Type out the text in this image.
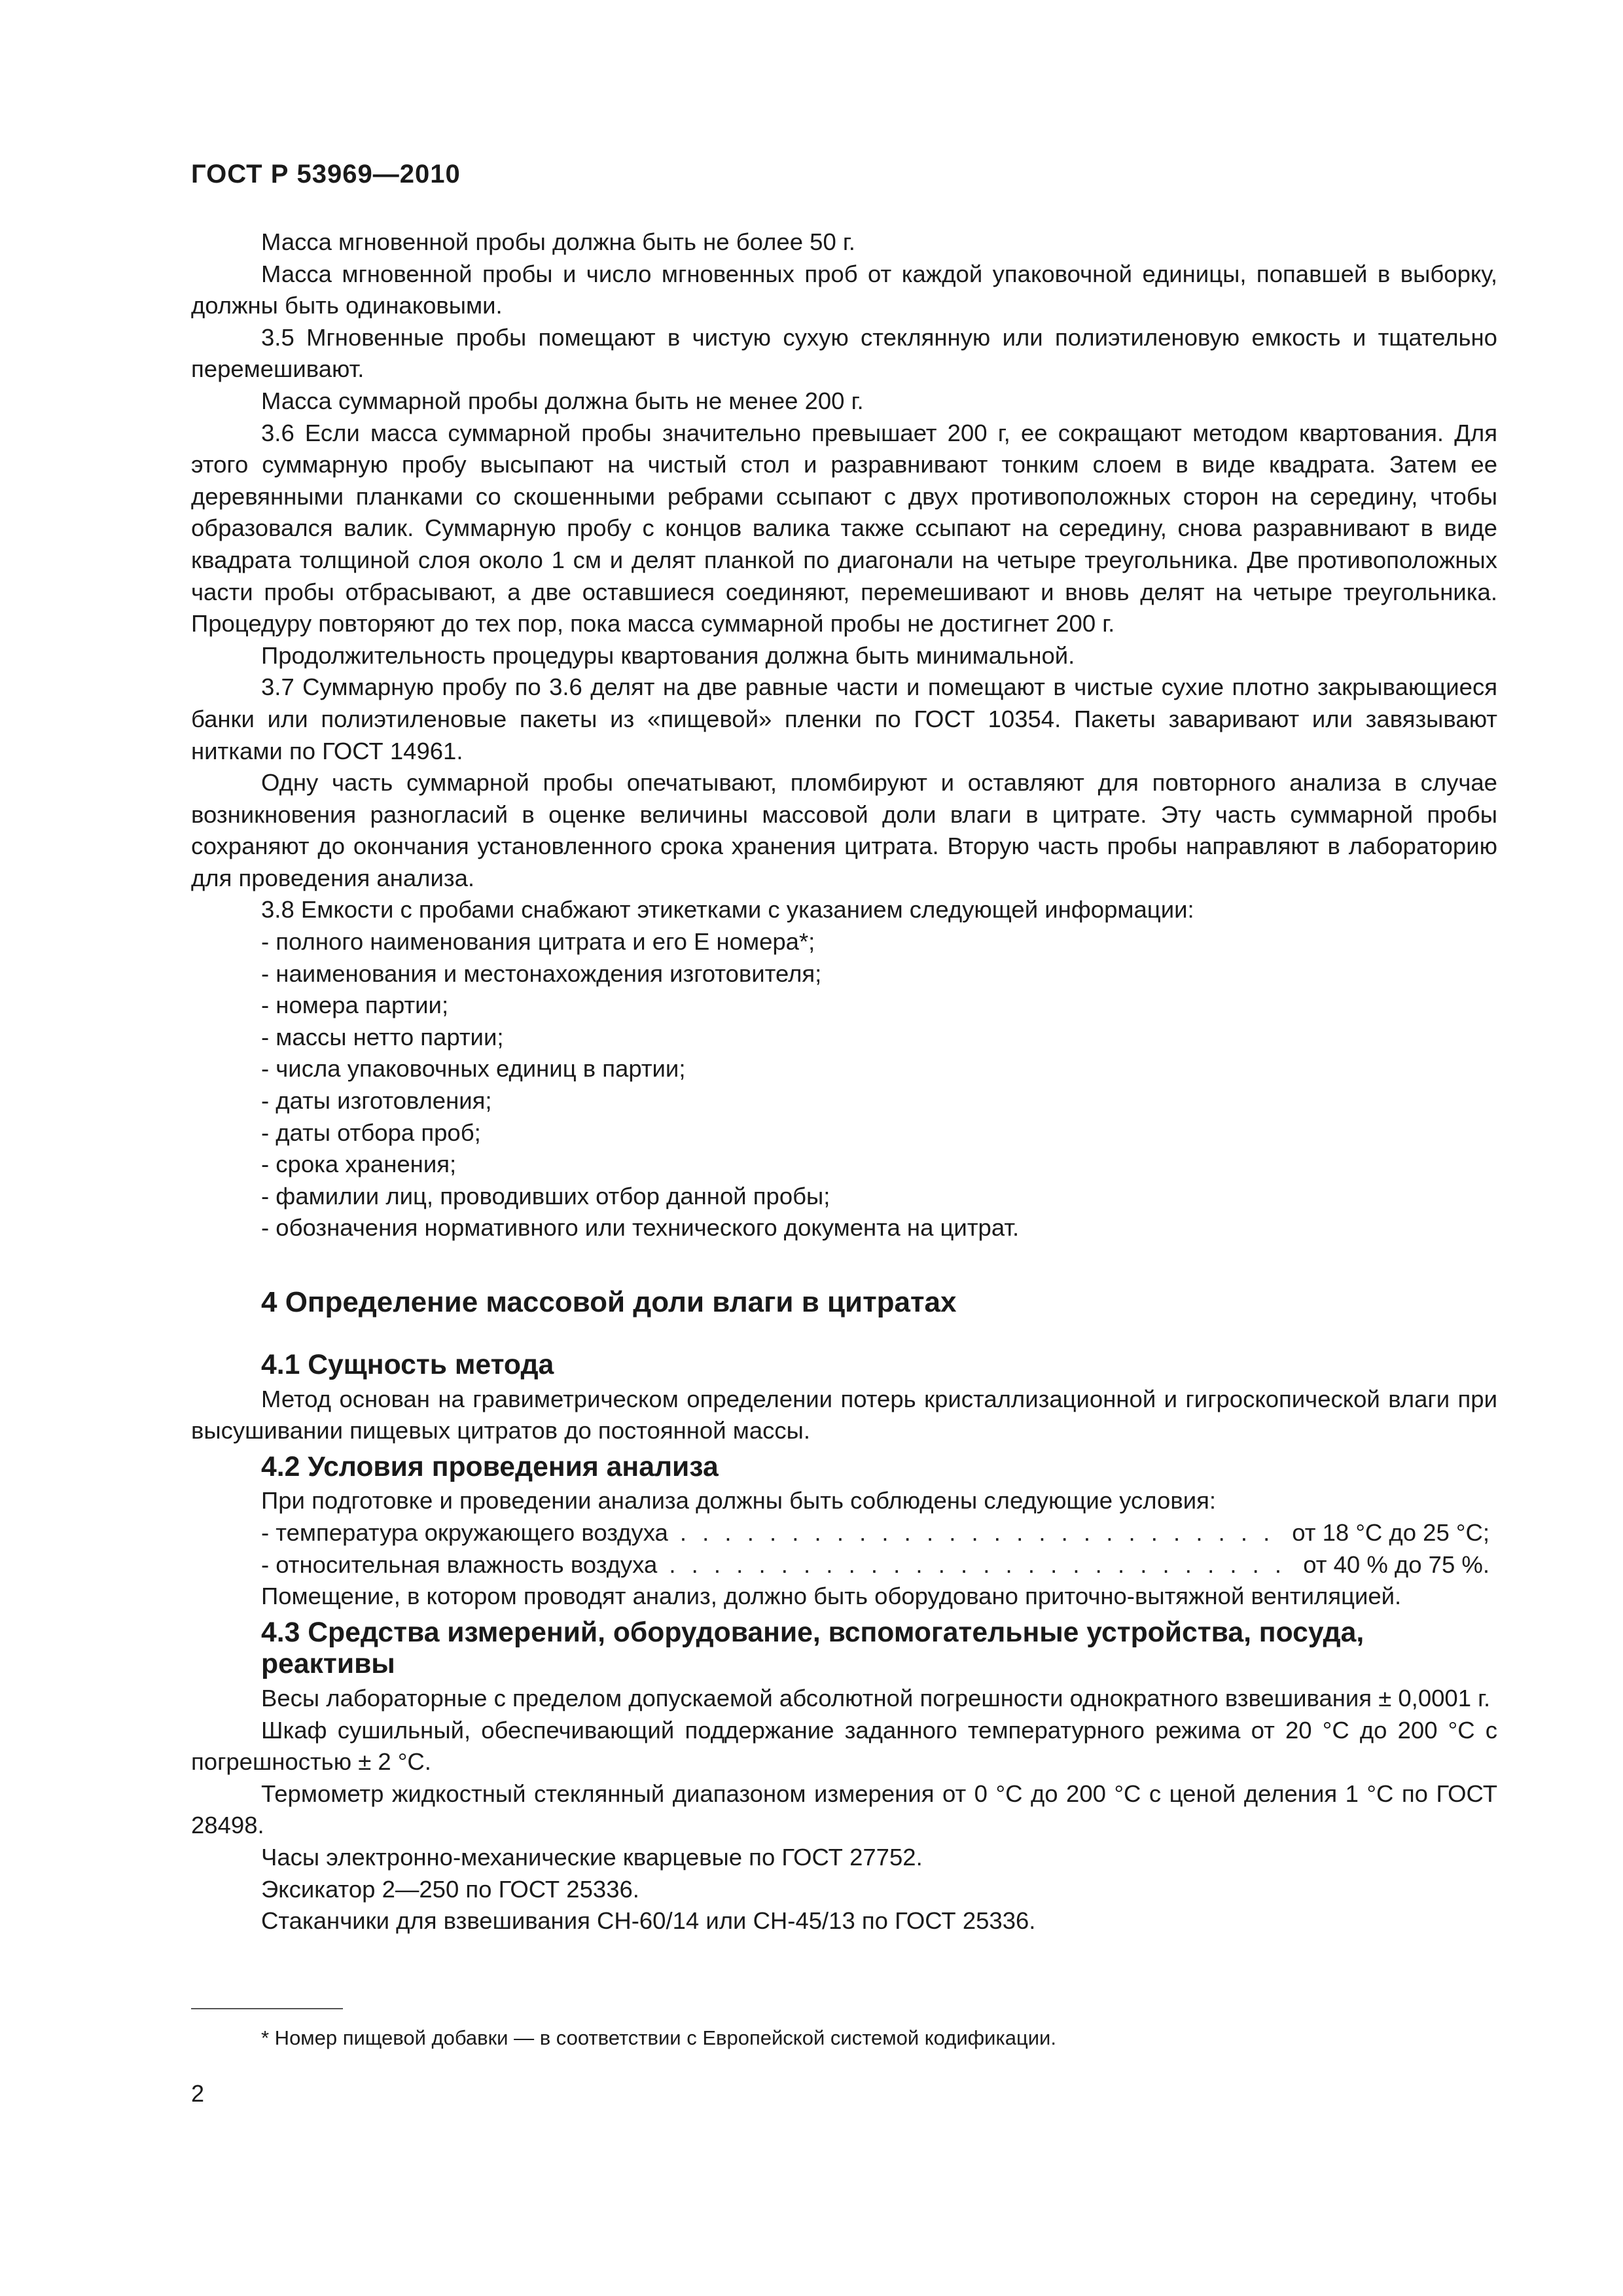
ГОСТ Р 53969—2010

Масса мгновенной пробы должна быть не более 50 г.

Масса мгновенной пробы и число мгновенных проб от каждой упаковочной единицы, попавшей в выборку, должны быть одинаковыми.

3.5 Мгновенные пробы помещают в чистую сухую стеклянную или полиэтиленовую емкость и тщательно перемешивают.

Масса суммарной пробы должна быть не менее 200 г.

3.6 Если масса суммарной пробы значительно превышает 200 г, ее сокращают методом квартования. Для этого суммарную пробу высыпают на чистый стол и разравнивают тонким слоем в виде квадрата. Затем ее деревянными планками со скошенными ребрами ссыпают с двух противоположных сторон на середину, чтобы образовался валик. Суммарную пробу с концов валика также ссыпают на середину, снова разравнивают в виде квадрата толщиной слоя около 1 см и делят планкой по диагонали на четыре треугольника. Две противоположных части пробы отбрасывают, а две оставшиеся соединяют, перемешивают и вновь делят на четыре треугольника. Процедуру повторяют до тех пор, пока масса суммарной пробы не достигнет 200 г.

Продолжительность процедуры квартования должна быть минимальной.

3.7 Суммарную пробу по 3.6 делят на две равные части и помещают в чистые сухие плотно закрывающиеся банки или полиэтиленовые пакеты из «пищевой» пленки по ГОСТ 10354. Пакеты заваривают или завязывают нитками по ГОСТ 14961.

Одну часть суммарной пробы опечатывают, пломбируют и оставляют для повторного анализа в случае возникновения разногласий в оценке величины массовой доли влаги в цитрате. Эту часть суммарной пробы сохраняют до окончания установленного срока хранения цитрата. Вторую часть пробы направляют в лабораторию для проведения анализа.

3.8 Емкости с пробами снабжают этикетками с указанием следующей информации:

- полного наименования цитрата и его Е номера*;

- наименования и местонахождения изготовителя;

- номера партии;

- массы нетто партии;

- числа упаковочных единиц в партии;

- даты изготовления;

- даты отбора проб;

- срока хранения;

- фамилии лиц, проводивших отбор данной пробы;

- обозначения нормативного или технического документа на цитрат.

4 Определение массовой доли влаги в цитратах
4.1 Сущность метода

Метод основан на гравиметрическом определении потерь кристаллизационной и гигроскопической влаги при высушивании пищевых цитратов до постоянной массы.

4.2 Условия проведения анализа

При подготовке и проведении анализа должны быть соблюдены следующие условия:

- температура окружающего воздуха . . .	от 18 °С до 25 °С;
- относительная влажность воздуха . . .	от 40 % до 75 %.

Помещение, в котором проводят анализ, должно быть оборудовано приточно-вытяжной вентиляцией.

4.3 Средства измерений, оборудование, вспомогательные устройства, посуда, реактивы

Весы лабораторные с пределом допускаемой абсолютной погрешности однократного взвешивания ± 0,0001 г.

Шкаф сушильный, обеспечивающий поддержание заданного температурного режима от 20 °С до 200 °С с погрешностью ± 2 °С.

Термометр жидкостный стеклянный диапазоном измерения от 0 °С до 200 °С с ценой деления 1 °С по ГОСТ 28498.

Часы электронно-механические кварцевые по ГОСТ 27752.

Эксикатор 2—250 по ГОСТ 25336.

Стаканчики для взвешивания СН-60/14 или СН-45/13 по ГОСТ 25336.

* Номер пищевой добавки — в соответствии с Европейской системой кодификации.
2
